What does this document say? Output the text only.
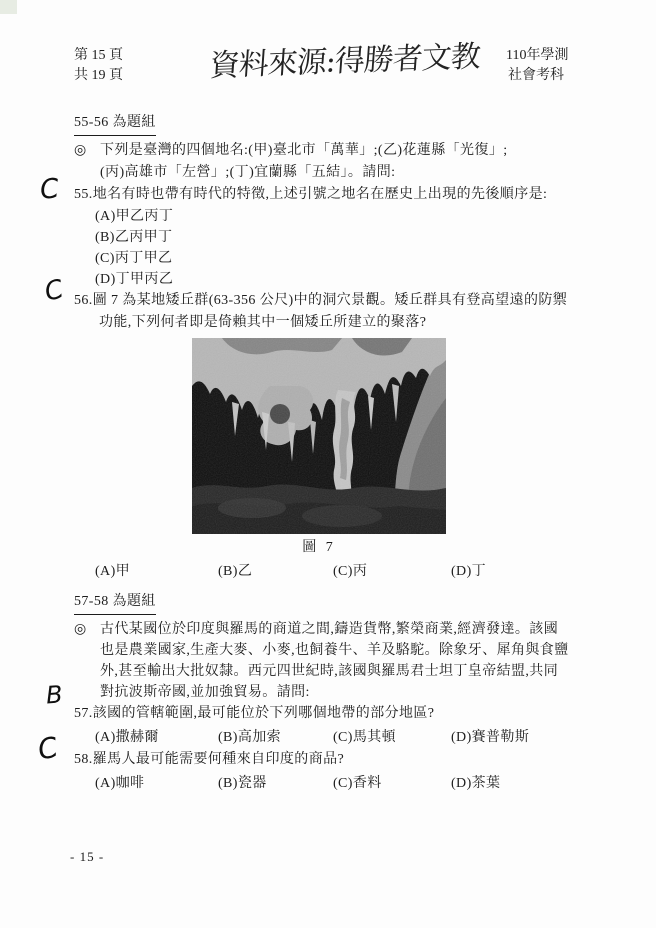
第 15 頁
共 19 頁	資料來源:得勝者文教 110年學測
社會考科
55-56 為題組
◎ 下列是臺灣的四個地名:(甲)臺北市「萬華」;(乙)花蓮縣「光復」;
(丙)高雄市「左營」;(丁)宜蘭縣「五結」。請問:
55.地名有時也帶有時代的特徵,上述引號之地名在歷史上出現的先後順序是:
(A)甲乙丙丁
(B)乙丙甲丁
(C)丙丁甲乙
(D)丁甲丙乙
56.圖 7 為某地矮丘群(63-356 公尺)中的洞穴景觀。矮丘群具有登高望遠的防禦
功能,下列何者即是倚賴其中一個矮丘所建立的聚落?
圖 7
(A)甲	(B)乙	(C)丙	(D)丁
57-58 為題組
◎ 古代某國位於印度與羅馬的商道之間,鑄造貨幣,繁榮商業,經濟發達。該國
也是農業國家,生產大麥、小麥,也飼養牛、羊及駱駝。除象牙、犀角與食鹽
外,甚至輸出大批奴隸。西元四世紀時,該國與羅馬君士坦丁皇帝結盟,共同
對抗波斯帝國,並加強貿易。請問:
57.該國的管轄範圍,最可能位於下列哪個地帶的部分地區?
(A)撒赫爾	(B)高加索	(C)馬其頓	(D)賽普勒斯
58.羅馬人最可能需要何種來自印度的商品?
(A)咖啡	(B)瓷器	(C)香料	(D)茶葉
- 15 -
C
C
B
C
